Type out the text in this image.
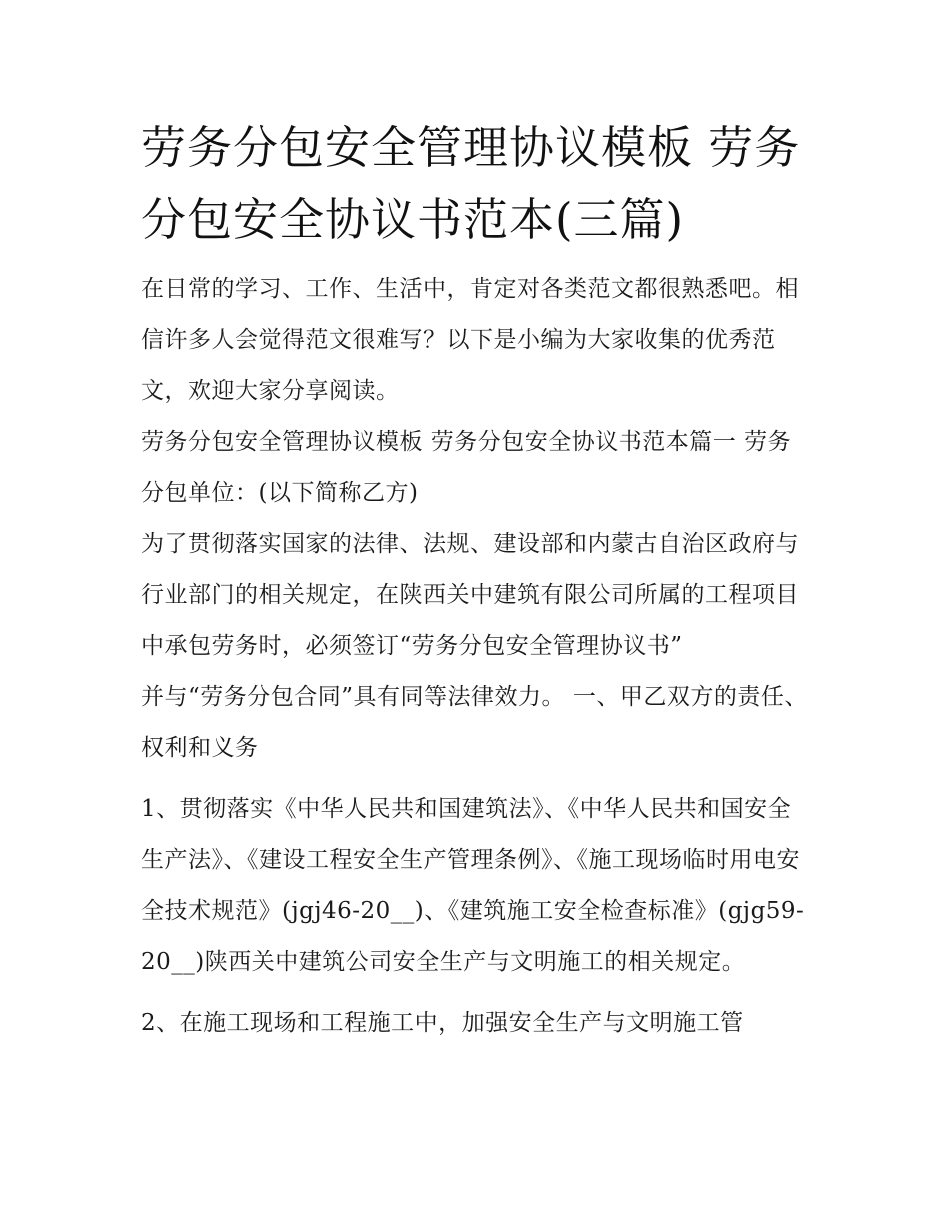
劳务分包安全管理协议模板 劳务分包安全协议书范本(三篇)

在日常的学习、工作、生活中，肯定对各类范文都很熟悉吧。相信许多人会觉得范文很难写？以下是小编为大家收集的优秀范文，欢迎大家分享阅读。

劳务分包安全管理协议模板 劳务分包安全协议书范本篇一 劳务分包单位：(以下简称乙方)

为了贯彻落实国家的法律、法规、建设部和内蒙古自治区政府与行业部门的相关规定，在陕西关中建筑有限公司所属的工程项目中承包劳务时，必须签订“劳务分包安全管理协议书”

并与“劳务分包合同”具有同等法律效力。 一、甲乙双方的责任、权利和义务

1、贯彻落实《中华人民共和国建筑法》、《中华人民共和国安全生产法》、《建设工程安全生产管理条例》、《施工现场临时用电安全技术规范》(jgj46-20__)、《建筑施工安全检查标准》(gjg59-20__)陕西关中建筑公司安全生产与文明施工的相关规定。

2、在施工现场和工程施工中，加强安全生产与文明施工管
